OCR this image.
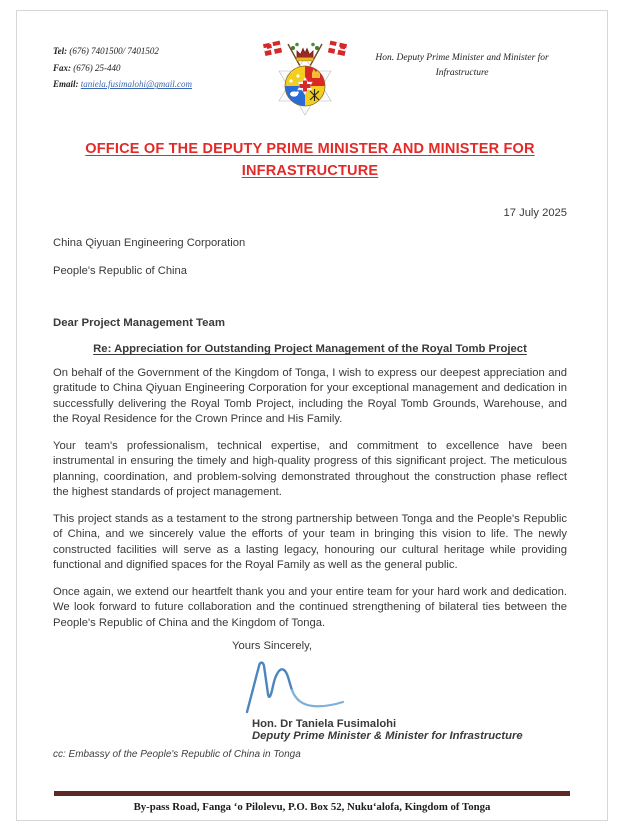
Tel: (676) 7401500/ 7401502
Fax: (676) 25-440
Email: taniela.fusimalohi@gmail.com
Hon. Deputy Prime Minister and Minister for Infrastructure
OFFICE OF THE DEPUTY PRIME MINISTER AND MINISTER FOR INFRASTRUCTURE
17 July 2025
China Qiyuan Engineering Corporation
People's Republic of China
Dear Project Management Team
Re: Appreciation for Outstanding Project Management of the Royal Tomb Project

On behalf of the Government of the Kingdom of Tonga, I wish to express our deepest appreciation and gratitude to China Qiyuan Engineering Corporation for your exceptional management and dedication in successfully delivering the Royal Tomb Project, including the Royal Tomb Grounds, Warehouse, and the Royal Residence for the Crown Prince and His Family.

Your team's professionalism, technical expertise, and commitment to excellence have been instrumental in ensuring the timely and high-quality progress of this significant project. The meticulous planning, coordination, and problem-solving demonstrated throughout the construction phase reflect the highest standards of project management.

This project stands as a testament to the strong partnership between Tonga and the People's Republic of China, and we sincerely value the efforts of your team in bringing this vision to life. The newly constructed facilities will serve as a lasting legacy, honouring our cultural heritage while providing functional and dignified spaces for the Royal Family as well as the general public.

Once again, we extend our heartfelt thank you and your entire team for your hard work and dedication. We look forward to future collaboration and the continued strengthening of bilateral ties between the People's Republic of China and the Kingdom of Tonga.

Yours Sincerely,
Hon. Dr Taniela Fusimalohi
Deputy Prime Minister & Minister for Infrastructure
cc: Embassy of the People's Republic of China in Tonga
By-pass Road, Fanga ‘o Pilolevu, P.O. Box 52, Nuku‘alofa, Kingdom of Tonga
